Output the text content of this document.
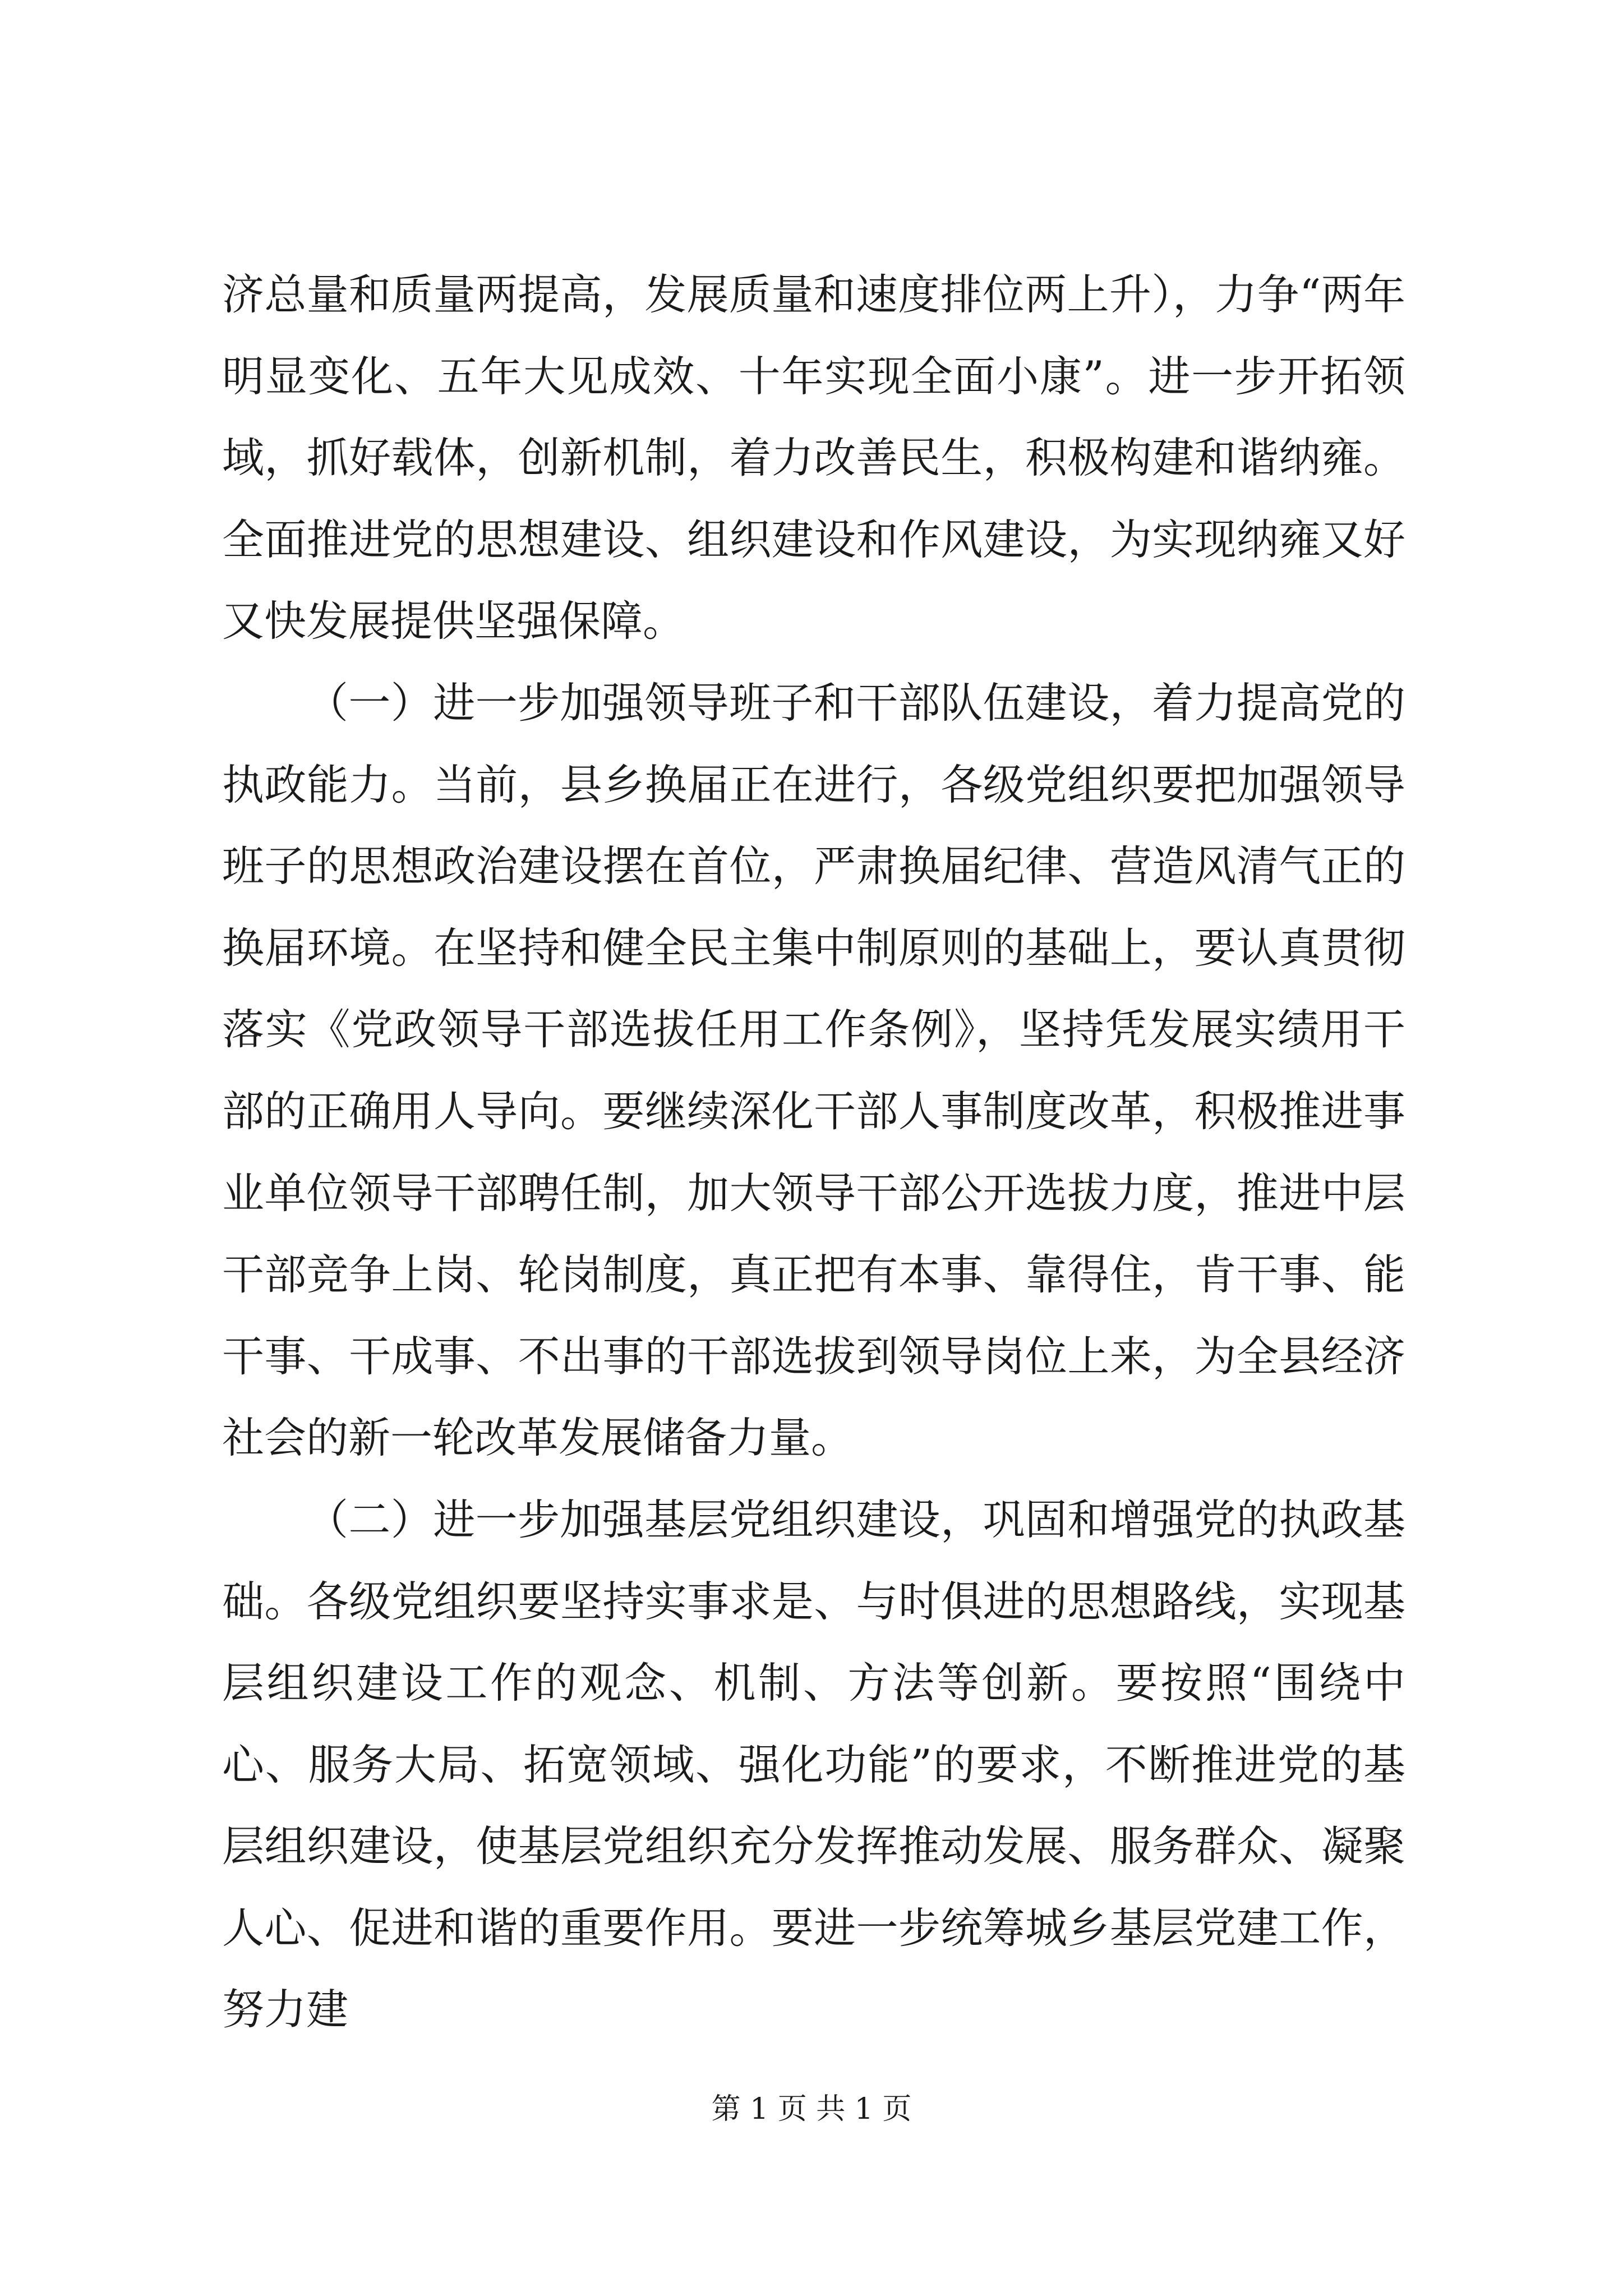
济总量和质量两提高，发展质量和速度排位两上升），力争“两年明显变化、五年大见成效、十年实现全面小康”。进一步开拓领域，抓好载体，创新机制，着力改善民生，积极构建和谐纳雍。全面推进党的思想建设、组织建设和作风建设，为实现纳雍又好又快发展提供坚强保障。

（一）进一步加强领导班子和干部队伍建设，着力提高党的执政能力。当前，县乡换届正在进行，各级党组织要把加强领导班子的思想政治建设摆在首位，严肃换届纪律、营造风清气正的换届环境。在坚持和健全民主集中制原则的基础上，要认真贯彻落实《党政领导干部选拔任用工作条例》，坚持凭发展实绩用干部的正确用人导向。要继续深化干部人事制度改革，积极推进事业单位领导干部聘任制，加大领导干部公开选拔力度，推进中层干部竞争上岗、轮岗制度，真正把有本事、靠得住，肯干事、能干事、干成事、不出事的干部选拔到领导岗位上来，为全县经济社会的新一轮改革发展储备力量。

（二）进一步加强基层党组织建设，巩固和增强党的执政基础。各级党组织要坚持实事求是、与时俱进的思想路线，实现基层组织建设工作的观念、机制、方法等创新。要按照“围绕中心、服务大局、拓宽领域、强化功能”的要求，不断推进党的基层组织建设，使基层党组织充分发挥推动发展、服务群众、凝聚人心、促进和谐的重要作用。要进一步统筹城乡基层党建工作，努力建

第 1 页 共 1 页
